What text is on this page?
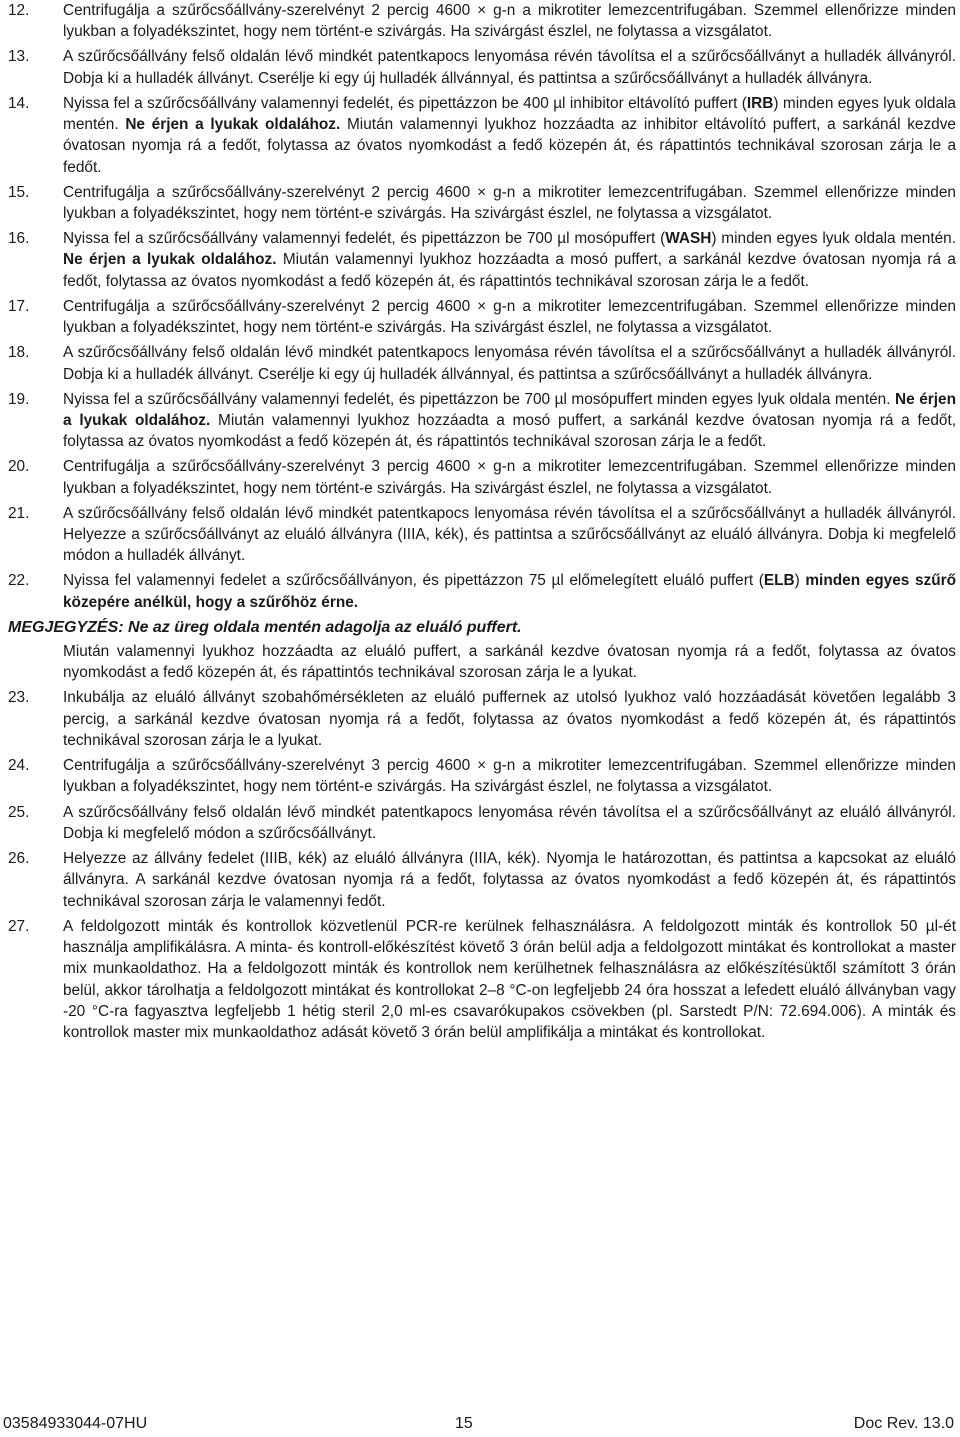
12. Centrifugálja a szűrőcsőállvány-szerelvényt 2 percig 4600 × g-n a mikrotiter lemezcentrifugában. Szemmel ellenőrizze minden lyukban a folyadékszintet, hogy nem történt-e szivárgás. Ha szivárgást észlel, ne folytassa a vizsgálatot.
13. A szűrőcsőállvány felső oldalán lévő mindkét patentkapocs lenyomása révén távolítsa el a szűrőcsőállványt a hulladék állványról. Dobja ki a hulladék állványt. Cserélje ki egy új hulladék állvánnyal, és pattintsa a szűrőcsőállványt a hulladék állványra.
14. Nyissa fel a szűrőcsőállvány valamennyi fedelét, és pipettázzon be 400 µl inhibitor eltávolító puffert (IRB) minden egyes lyuk oldala mentén. Ne érjen a lyukak oldalához. Miután valamennyi lyukhoz hozzáadta az inhibitor eltávolító puffert, a sarkánál kezdve óvatosan nyomja rá a fedőt, folytassa az óvatos nyomkodást a fedő közepén át, és rápattintós technikával szorosan zárja le a fedőt.
15. Centrifugálja a szűrőcsőállvány-szerelvényt 2 percig 4600 × g-n a mikrotiter lemezcentrifugában. Szemmel ellenőrizze minden lyukban a folyadékszintet, hogy nem történt-e szivárgás. Ha szivárgást észlel, ne folytassa a vizsgálatot.
16. Nyissa fel a szűrőcsőállvány valamennyi fedelét, és pipettázzon be 700 µl mosópuffert (WASH) minden egyes lyuk oldala mentén. Ne érjen a lyukak oldalához. Miután valamennyi lyukhoz hozzáadta a mosó puffert, a sarkánál kezdve óvatosan nyomja rá a fedőt, folytassa az óvatos nyomkodást a fedő közepén át, és rápattintós technikával szorosan zárja le a fedőt.
17. Centrifugálja a szűrőcsőállvány-szerelvényt 2 percig 4600 × g-n a mikrotiter lemezcentrifugában. Szemmel ellenőrizze minden lyukban a folyadékszintet, hogy nem történt-e szivárgás. Ha szivárgást észlel, ne folytassa a vizsgálatot.
18. A szűrőcsőállvány felső oldalán lévő mindkét patentkapocs lenyomása révén távolítsa el a szűrőcsőállványt a hulladék állványról. Dobja ki a hulladék állványt. Cserélje ki egy új hulladék állvánnyal, és pattintsa a szűrőcsőállványt a hulladék állványra.
19. Nyissa fel a szűrőcsőállvány valamennyi fedelét, és pipettázzon be 700 µl mosópuffert minden egyes lyuk oldala mentén. Ne érjen a lyukak oldalához. Miután valamennyi lyukhoz hozzáadta a mosó puffert, a sarkánál kezdve óvatosan nyomja rá a fedőt, folytassa az óvatos nyomkodást a fedő közepén át, és rápattintós technikával szorosan zárja le a fedőt.
20. Centrifugálja a szűrőcsőállvány-szerelvényt 3 percig 4600 × g-n a mikrotiter lemezcentrifugában. Szemmel ellenőrizze minden lyukban a folyadékszintet, hogy nem történt-e szivárgás. Ha szivárgást észlel, ne folytassa a vizsgálatot.
21. A szűrőcsőállvány felső oldalán lévő mindkét patentkapocs lenyomása révén távolítsa el a szűrőcsőállványt a hulladék állványról. Helyezze a szűrőcsőállványt az eluáló állványra (IIIA, kék), és pattintsa a szűrőcsőállványt az eluáló állványra. Dobja ki megfelelő módon a hulladék állványt.
22. Nyissa fel valamennyi fedelet a szűrőcsőállványon, és pipettázzon 75 µl előmelegített eluáló puffert (ELB) minden egyes szűrő közepére anélkül, hogy a szűrőhöz érne.
MEGJEGYZÉS: Ne az üreg oldala mentén adagolja az eluáló puffert.
Miután valamennyi lyukhoz hozzáadta az eluáló puffert, a sarkánál kezdve óvatosan nyomja rá a fedőt, folytassa az óvatos nyomkodást a fedő közepén át, és rápattintós technikával szorosan zárja le a lyukat.
23. Inkubálja az eluáló állványt szobahőmérsékleten az eluáló puffernek az utolsó lyukhoz való hozzáadását követően legalább 3 percig, a sarkánál kezdve óvatosan nyomja rá a fedőt, folytassa az óvatos nyomkodást a fedő közepén át, és rápattintós technikával szorosan zárja le a lyukat.
24. Centrifugálja a szűrőcsőállvány-szerelvényt 3 percig 4600 × g-n a mikrotiter lemezcentrifugában. Szemmel ellenőrizze minden lyukban a folyadékszintet, hogy nem történt-e szivárgás. Ha szivárgást észlel, ne folytassa a vizsgálatot.
25. A szűrőcsőállvány felső oldalán lévő mindkét patentkapocs lenyomása révén távolítsa el a szűrőcsőállványt az eluáló állványról. Dobja ki megfelelő módon a szűrőcsőállványt.
26. Helyezze az állvány fedelet (IIIB, kék) az eluáló állványra (IIIA, kék). Nyomja le határozottan, és pattintsa a kapcsokat az eluáló állványra. A sarkánál kezdve óvatosan nyomja rá a fedőt, folytassa az óvatos nyomkodást a fedő közepén át, és rápattintós technikával szorosan zárja le valamennyi fedőt.
27. A feldolgozott minták és kontrollok közvetlenül PCR-re kerülnek felhasználásra. A feldolgozott minták és kontrollok 50 µl-ét használja amplifikálásra. A minta- és kontroll-előkészítést követő 3 órán belül adja a feldolgozott mintákat és kontrollokat a master mix munkaoldathoz. Ha a feldolgozott minták és kontrollok nem kerülhetnek felhasználásra az előkészítésüktől számított 3 órán belül, akkor tárolhatja a feldolgozott mintákat és kontrollokat 2–8 °C-on legfeljebb 24 óra hosszat a lefedett eluáló állványban vagy -20 °C-ra fagyasztva legfeljebb 1 hétig steril 2,0 ml-es csavarókupakos csövekben (pl. Sarstedt P/N: 72.694.006). A minták és kontrollok master mix munkaoldathoz adását követő 3 órán belül amplifikálja a mintákat és kontrollokat.
03584933044-07HU	15	Doc Rev. 13.0
